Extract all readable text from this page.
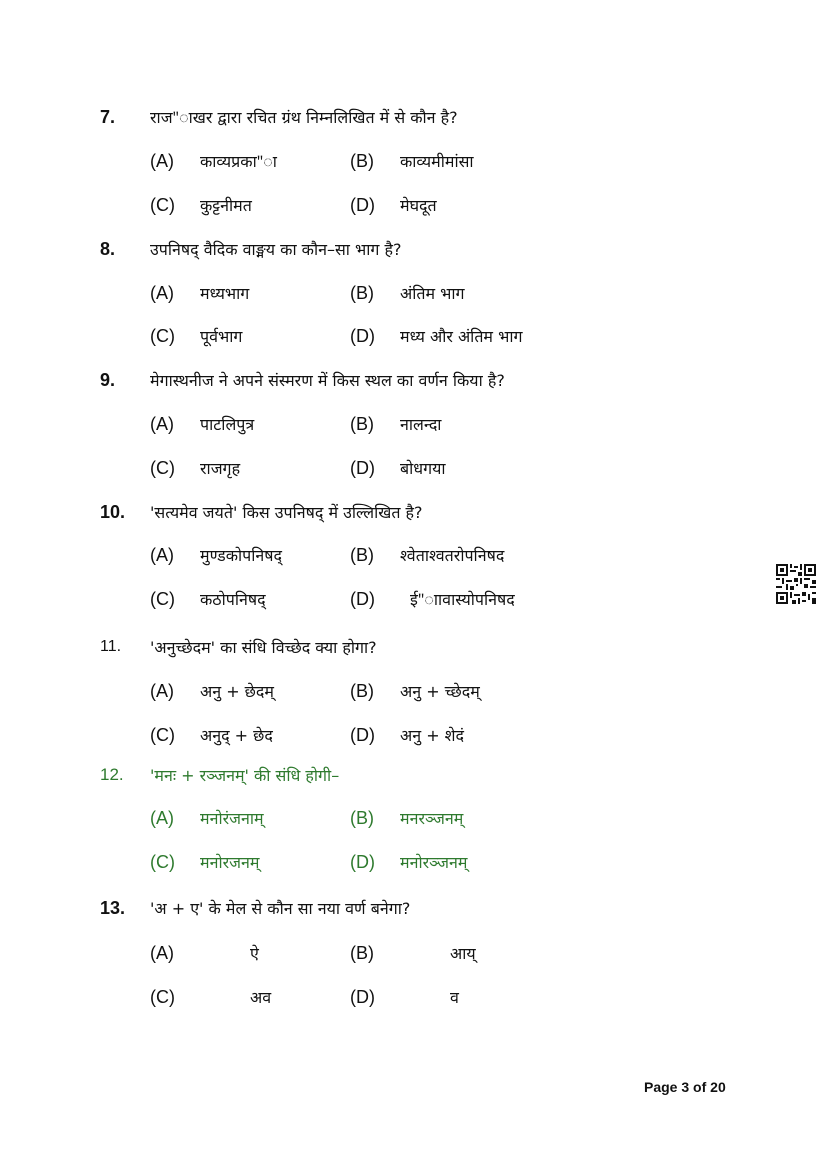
7. राज"ाखर द्वारा रचित ग्रंथ निम्नलिखित में से कौन है?
(A) काव्यप्रका"ा	(B) काव्यमीमांसा
(C) कुट्टनीमत	(D) मेघदूत
8. उपनिषद् वैदिक वाङ्मय का कौन–सा भाग है?
(A) मध्यभाग	(B) अंतिम भाग
(C) पूर्वभाग	(D) मध्य और अंतिम भाग
9. मेगास्थनीज ने अपने संस्मरण में किस स्थल का वर्णन किया है?
(A) पाटलिपुत्र	(B) नालन्दा
(C) राजगृह	(D) बोधगया
10. 'सत्यमेव जयते' किस उपनिषद् में उल्लिखित है?
(A) मुण्डकोपनिषद्	(B) श्वेताश्वतरोपनिषद
(C) कठोपनिषद्	(D) ई"ाावास्योपनिषद
11. 'अनुच्छेदम' का संधि विच्छेद क्या होगा?
(A) अनु + छेदम्	(B) अनु + च्छेदम्
(C) अनुद् + छेद	(D) अनु + शेदं
12. 'मनः + रञ्जनम्' की संधि होगी–
(A) मनोरंजनाम्	(B) मनरञ्जनम्
(C) मनोरजनम्	(D) मनोरञ्जनम्
13. 'अ + ए' के मेल से कौन सा नया वर्ण बनेगा?
(A)	ऐ	(B)	आय्
(C)	अव	(D)	व
Page 3 of 20
